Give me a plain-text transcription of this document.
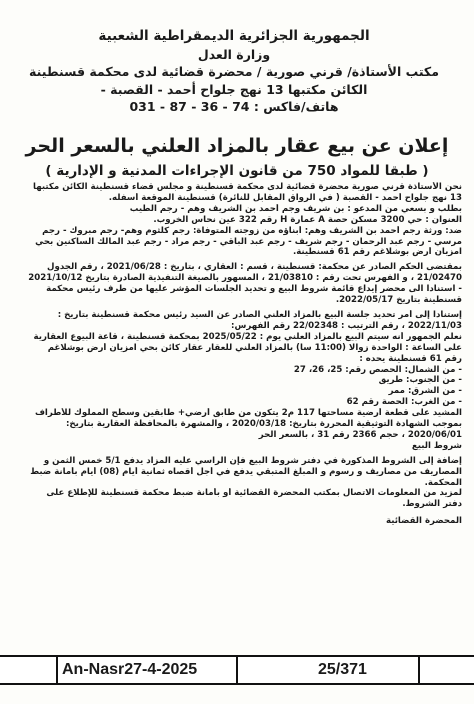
الجمهورية الجزائرية الديمقراطية الشعبية
وزارة العدل
مكتب الأستاذة/ قرني صورية / محضرة قضائية لدى محكمة قسنطينة
الكائن مكتبها 13 نهج جلواح أحمد - القصبة -
هاتف/فاكس : 74 - 36 - 87 - 031
إعلان عن بيع عقار بالمزاد العلني بالسعر الحر
( طبقا للمواد 750 من قانون الإجراءات المدنية و الإدارية )

نحن الأستاذة قرني صورية محضرة قضائية لدى محكمة قسنطينة و مجلس قضاء قسنطينة الكائن مكتبها

13 نهج جلواح أحمد - القصبة ( في الرواق المقابل للنائرة) قسنطينة الموقعة أسفله.

بطلب و بسعي من المدعو : بن شريف وجم أحمد بن الشريف وهم - رجم الطيب

العنوان : حي 3200 مسكن حصة A عمارة H رقم 322 عين نحاس الخروب.

ضد: ورثة رجم أحمد بن الشريف وهم: أبناؤه من زوجته المتوفاة: رجم كلثوم وهم- رجم مبروك - رجم

مرسي - رجم عبد الرحمان - رجم شريف - رجم عبد الباقي - رجم مراد - رجم عبد المالك الساكنين بحي

امزيان أرض بوشلاغم رقم 61 قسنطينة.

بمقتضى الحكم الصادر عن محكمة: قسنطينة ، قسم : العقاري ، بتاريخ : 2021/06/28 ، رقم الجدول

21/02470 ، و الفهرس تحت رقم : 21/03810 ، المسهور بالصيغة التنفيذية الصادرة بتاريخ 2021/10/12

- استنادا الى محضر إيداع قائمة شروط البيع و تحديد الجلسات المؤشر عليها من طرف رئيس محكمة

قسنطينة بتاريخ 2022/05/17.

إستنادا إلى أمر تحديد جلسة البيع بالمزاد العلني الصادر عن السيد رئيس محكمة قسنطينة بتاريخ :

2022/11/03 ، رقم الترتيب : 22/02348 رقم الفهرس:

نعلم الجمهور أنه سيتم البيع بالمزاد العلني يوم : 2025/05/22 بمحكمة قسنطينة ، قاعة البيوع العقارية

على الساعة : الواحدة زوالا (11:00 سا) بالمزاد العلني للعقار عقار كائن بحي امزيان أرض بوشلاغم

رقم 61 قسنطينة يحده :

- من الشمال: الحصص رقم: 25، 26، 27

- من الجنوب: طريق

- من الشرق: ممر

- من الغرب: الحصة رقم 62

المشيد على قطعة أرضية مساحتها 117 م2 يتكون من طابق أرضي+ طابقين وسطح المملوك للأطراف

بموجب الشهادة التوثيقية المحررة بتاريخ: 2020/03/18 ، والمشهرة بالمحافظة العقارية بتاريخ:

2020/06/01 ، حجم 2366 رقم 31 ، بالسعر الحر

شروط البيع

إضافة إلى الشروط المذكورة في دفتر شروط البيع فإن الراسي عليه المزاد يدفع 5/1 خمس الثمن و

المصاريف من مصاريف و رسوم و المبلغ المتبقي يدفع في أجل أقصاه ثمانية أيام (08) أيام بأمانة ضبط

المحكمة.

لمزيد من المعلومات الاتصال بمكتب المحضرة القضائية أو بأمانة ضبط محكمة قسنطينة للإطلاع على

دفتر الشروط.

المحضرة القضائية

An-Nasr27-4-2025	25/371
